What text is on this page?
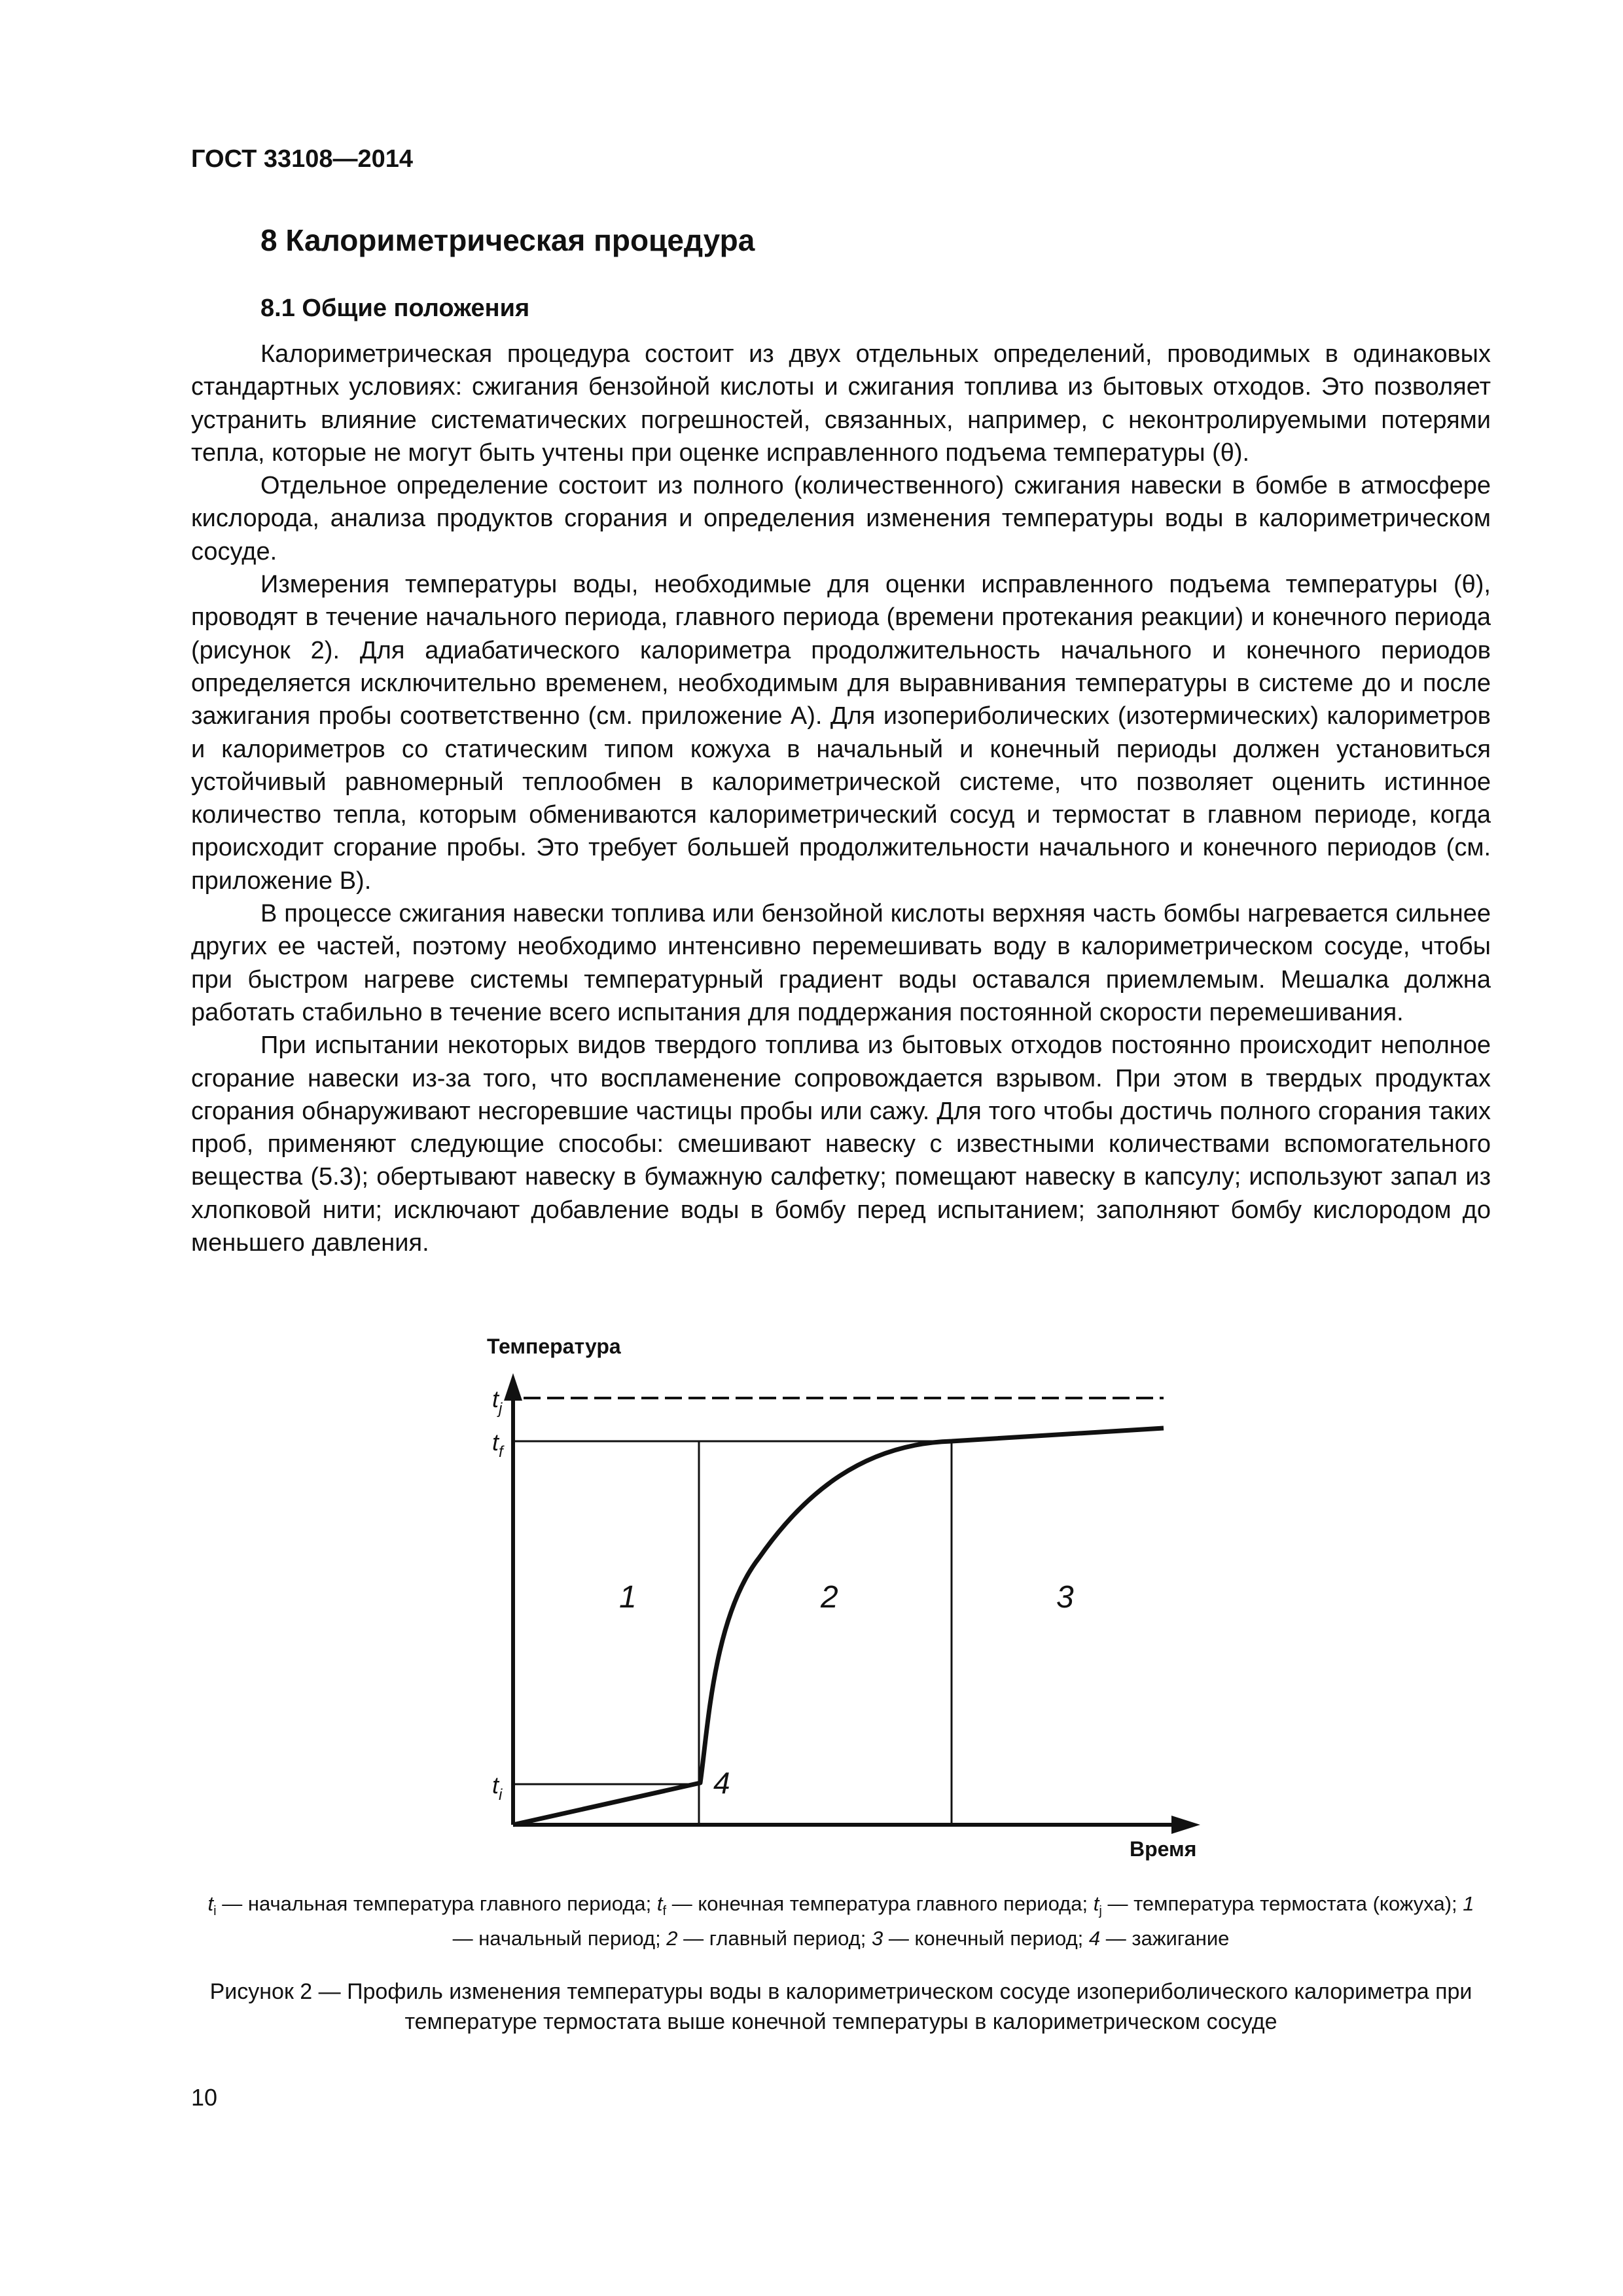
ГОСТ 33108—2014
8 Калориметрическая процедура
8.1 Общие положения

Калориметрическая процедура состоит из двух отдельных определений, проводимых в одинаковых стандартных условиях: сжигания бензойной кислоты и сжигания топлива из бытовых отходов. Это позволяет устранить влияние систематических погрешностей, связанных, например, с неконтролируемыми потерями тепла, которые не могут быть учтены при оценке исправленного подъема температуры (θ).

Отдельное определение состоит из полного (количественного) сжигания навески в бомбе в атмосфере кислорода, анализа продуктов сгорания и определения изменения температуры воды в калориметрическом сосуде.

Измерения температуры воды, необходимые для оценки исправленного подъема температуры (θ), проводят в течение начального периода, главного периода (времени протекания реакции) и конечного периода (рисунок 2). Для адиабатического калориметра продолжительность начального и конечного периодов определяется исключительно временем, необходимым для выравнивания температуры в системе до и после зажигания пробы соответственно (см. приложение А). Для изопериболических (изотермических) калориметров и калориметров со статическим типом кожуха в начальный и конечный периоды должен установиться устойчивый равномерный теплообмен в калориметрической системе, что позволяет оценить истинное количество тепла, которым обмениваются калориметрический сосуд и термостат в главном периоде, когда происходит сгорание пробы. Это требует большей продолжительности начального и конечного периодов (см. приложение В).

В процессе сжигания навески топлива или бензойной кислоты верхняя часть бомбы нагревается сильнее других ее частей, поэтому необходимо интенсивно перемешивать воду в калориметрическом сосуде, чтобы при быстром нагреве системы температурный градиент воды оставался приемлемым. Мешалка должна работать стабильно в течение всего испытания для поддержания постоянной скорости перемешивания.

При испытании некоторых видов твердого топлива из бытовых отходов постоянно происходит неполное сгорание навески из-за того, что воспламенение сопровождается взрывом. При этом в твердых продуктах сгорания обнаруживают несгоревшие частицы пробы или сажу. Для того чтобы достичь полного сгорания таких проб, применяют следующие способы: смешивают навеску с известными количествами вспомогательного вещества (5.3); обертывают навеску в бумажную салфетку; помещают навеску в капсулу; используют запал из хлопковой нити; исключают добавление воды в бомбу перед испытанием; заполняют бомбу кислородом до меньшего давления.

$t_j$
$t_f$
$t_i$
Температура
Время
1	2	3
4
$t_i$ — начальная температура главного периода; $t_f$ — конечная температура главного периода; $t_j$ — температура термостата (кожуха); 1 — начальный период; 2 — главный период; 3 — конечный период; 4 — зажигание
Рисунок 2 — Профиль изменения температуры воды в калориметрическом сосуде изопериболического калориметра при температуре термостата выше конечной температуры в калориметрическом сосуде
10
